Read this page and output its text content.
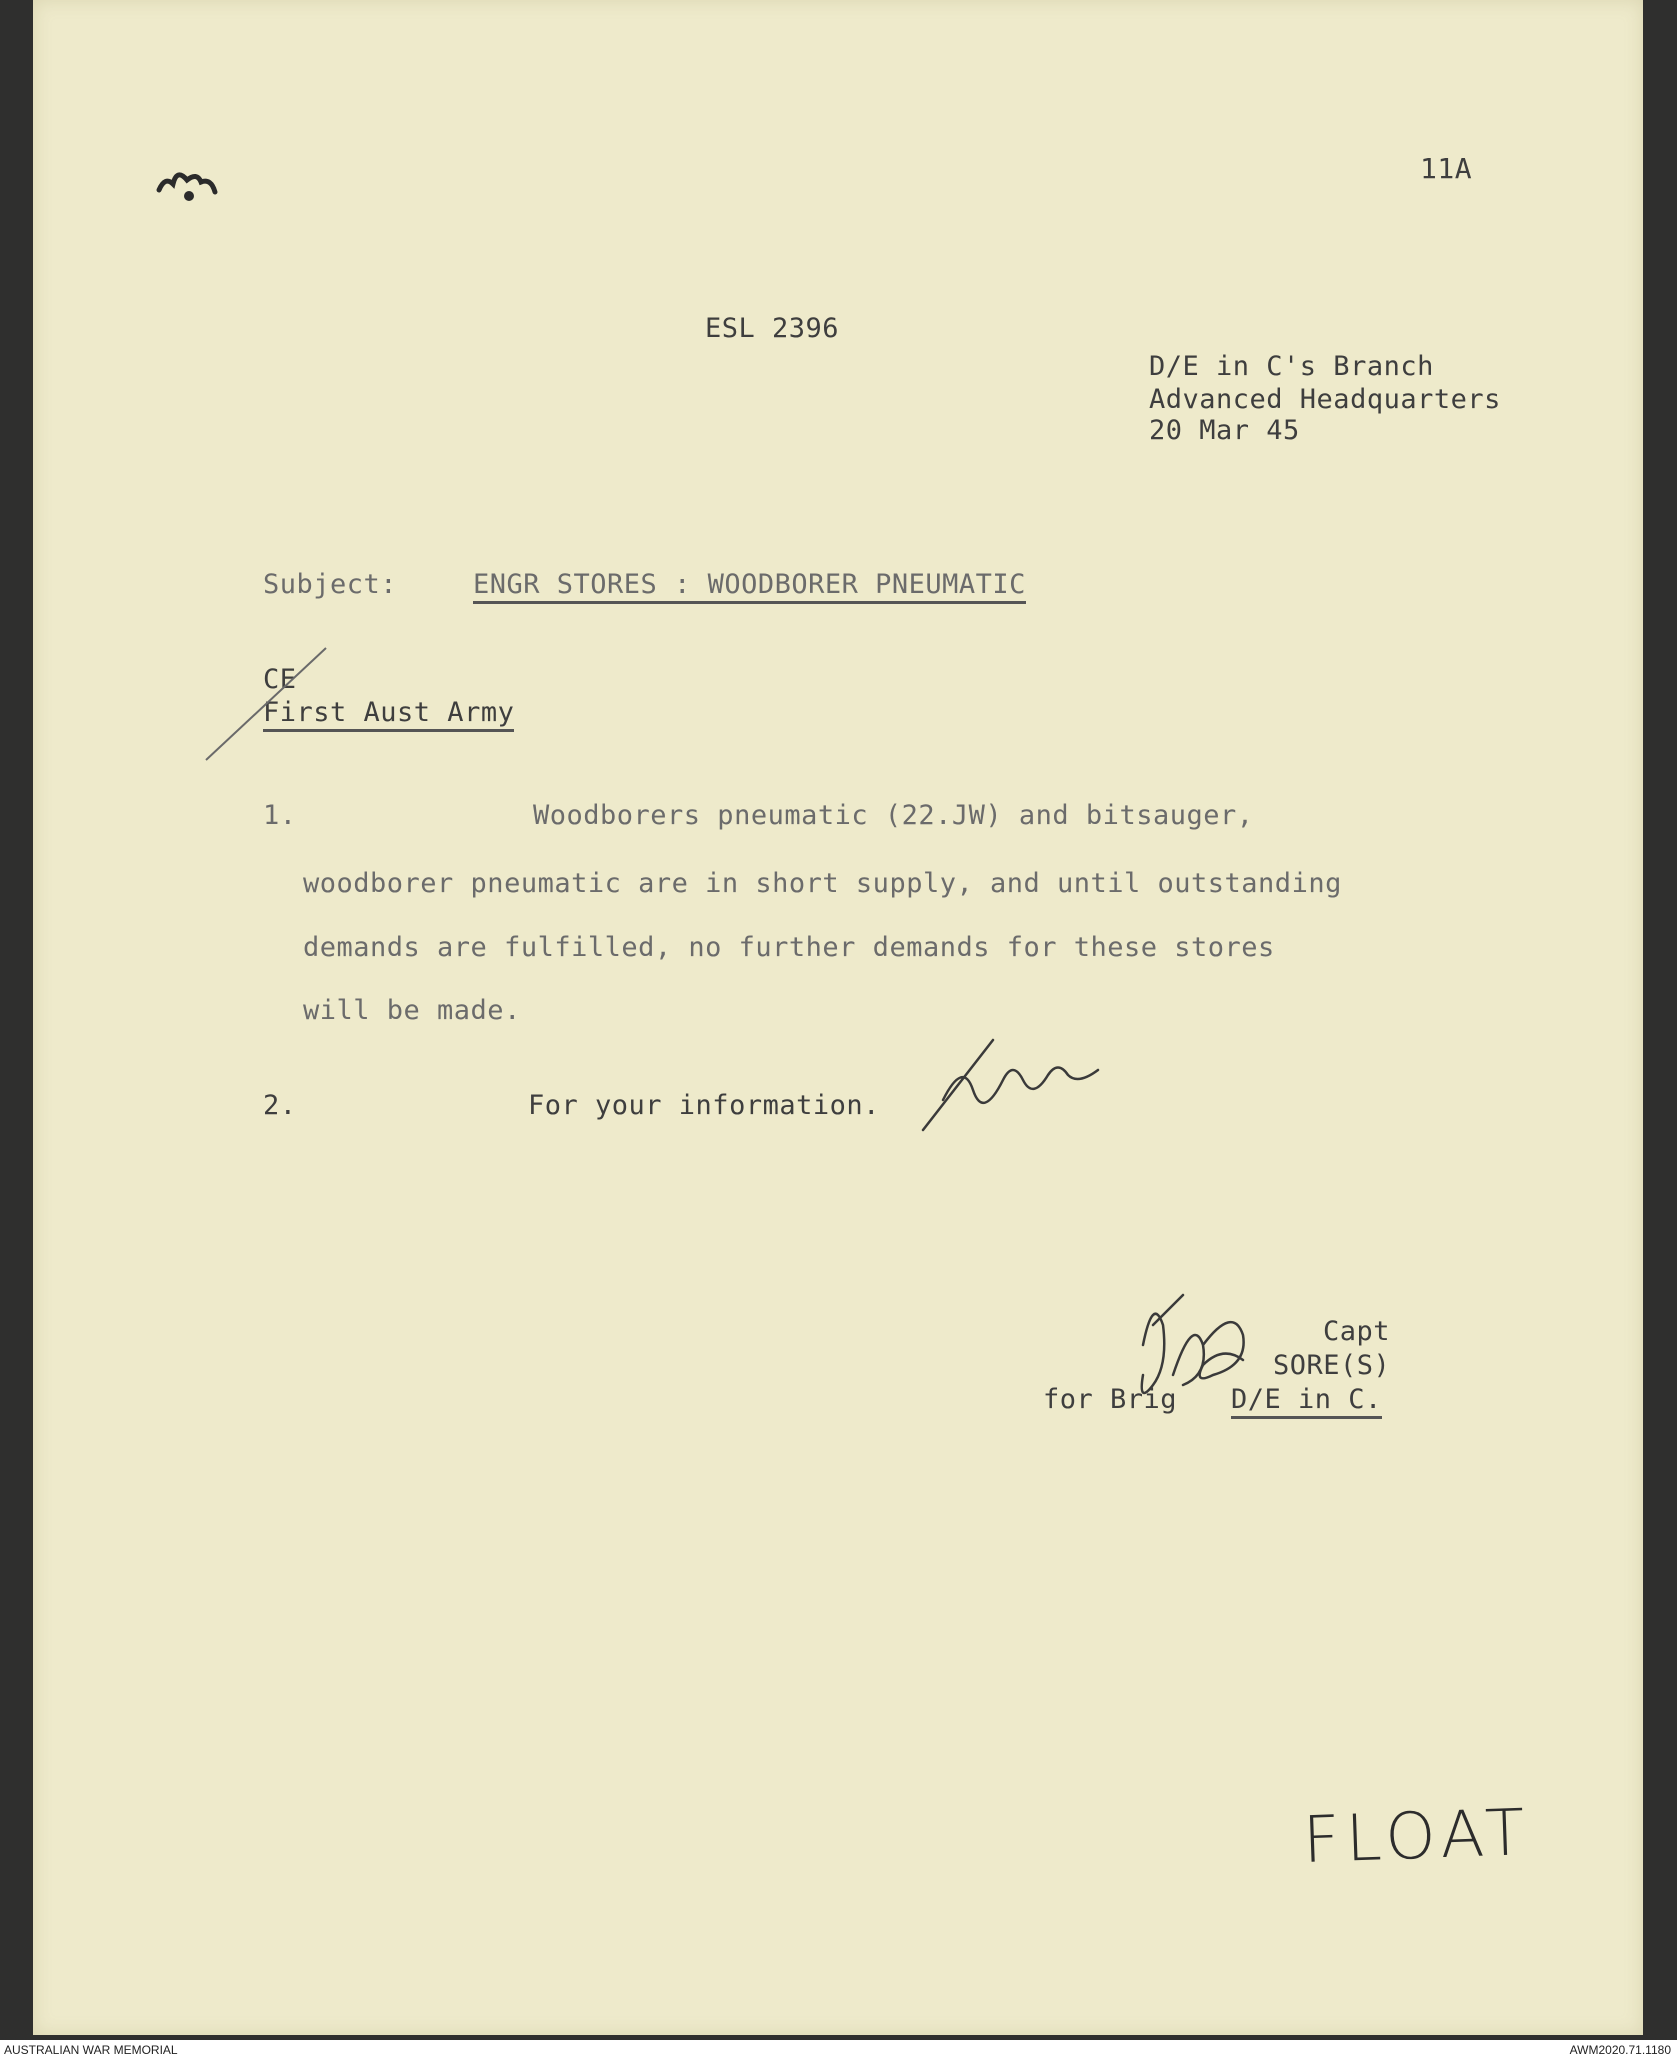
11A
ESL 2396
D/E in C's Branch
Advanced Headquarters
20 Mar 45
Subject:	ENGR STORES : WOODBORER PNEUMATIC
CE
First Aust Army
1.	Woodborers pneumatic (22.JW) and bitsauger,
woodborer pneumatic are in short supply, and until outstanding
demands are fulfilled, no further demands for these stores
will be made.
2.	For your information.
Capt
SORE(S)
for Brig D/E in C.
FLOAT
AUSTRALIAN WAR MEMORIAL	AWM2020.71.1180
